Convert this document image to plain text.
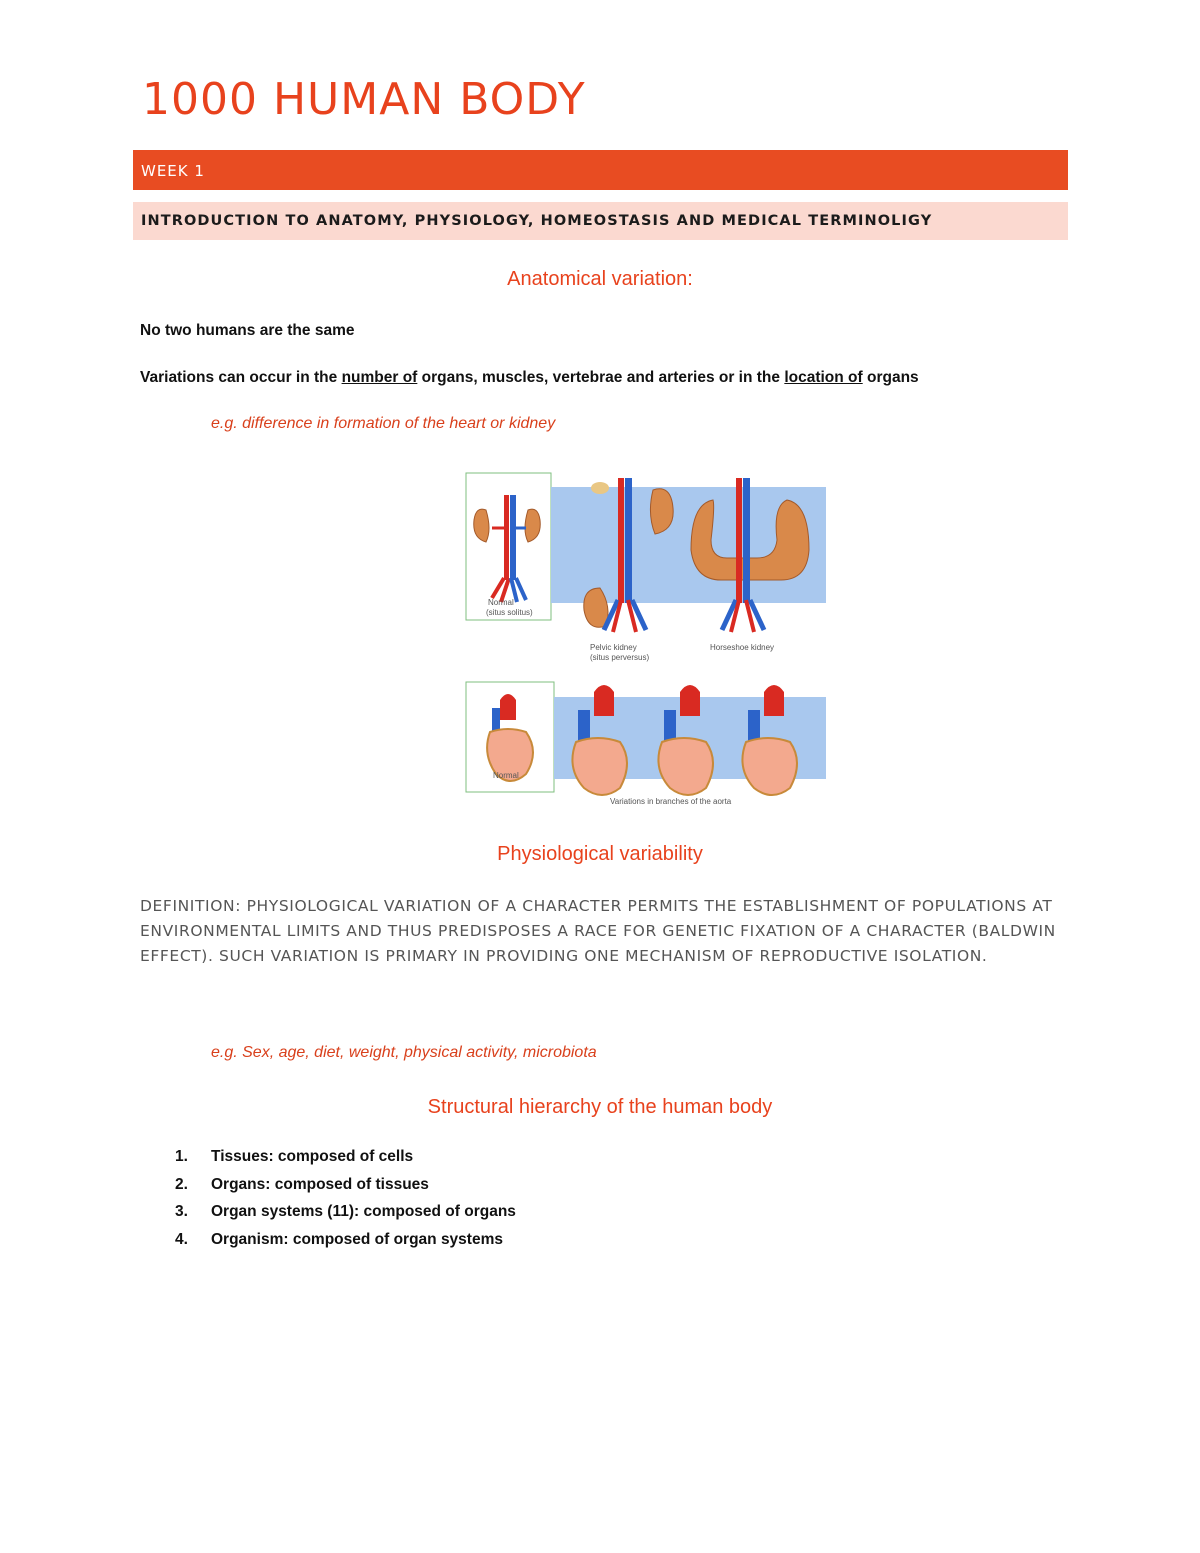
1000 HUMAN BODY
WEEK 1
INTRODUCTION TO ANATOMY, PHYSIOLOGY, HOMEOSTASIS AND MEDICAL TERMINOLIGY
Anatomical variation:

No two humans are the same

Variations can occur in the number of organs, muscles, vertebrae and arteries or in the location of organs

e.g. difference in formation of the heart or kidney

Normal
(situs solitus)
Pelvic kidney
(situs perversus)
Horseshoe kidney
Normal
Variations in branches of the aorta
Physiological variability

DEFINITION: PHYSIOLOGICAL VARIATION OF A CHARACTER PERMITS THE ESTABLISHMENT OF POPULATIONS AT ENVIRONMENTAL LIMITS AND THUS PREDISPOSES A RACE FOR GENETIC FIXATION OF A CHARACTER (BALDWIN EFFECT). SUCH VARIATION IS PRIMARY IN PROVIDING ONE MECHANISM OF REPRODUCTIVE ISOLATION.

e.g. Sex, age, diet, weight, physical activity, microbiota

Structural hierarchy of the human body
1. Tissues: composed of cells
2. Organs: composed of tissues
3. Organ systems (11): composed of organs
4. Organism: composed of organ systems
